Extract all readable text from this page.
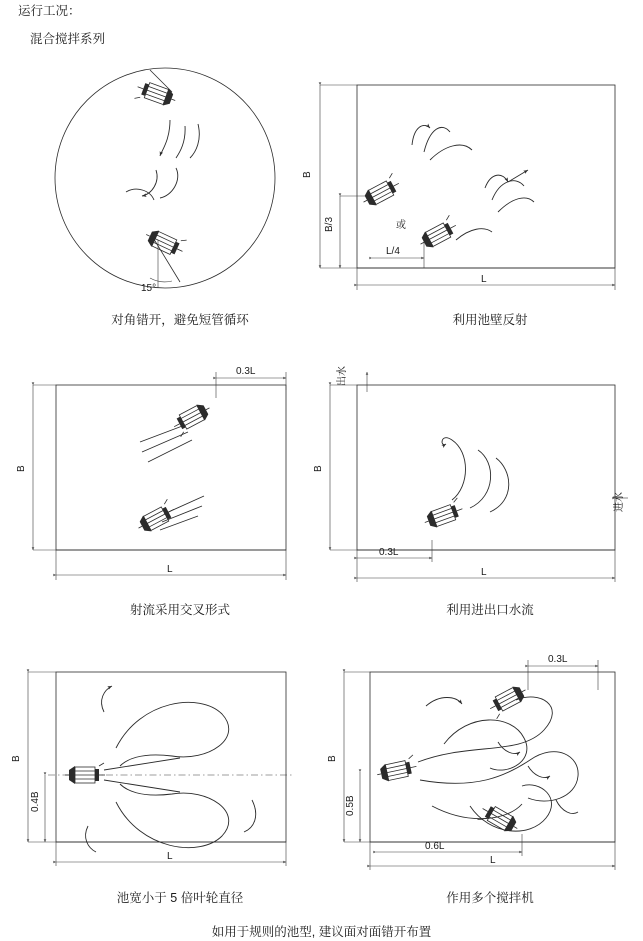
运行工况：
混合搅拌系列
15°
B
B/3
L/4
L
或
0.3L
B
L
出水
进水
B
0.3L
L
B
0.4B
L
0.3L
B
0.5B
0.6L
L
对角错开，避免短管循环	利用池壁反射
射流采用交叉形式	利用进出口水流
池宽小于 5 倍叶轮直径	作用多个搅拌机
如用于规则的池型, 建议面对面错开布置
